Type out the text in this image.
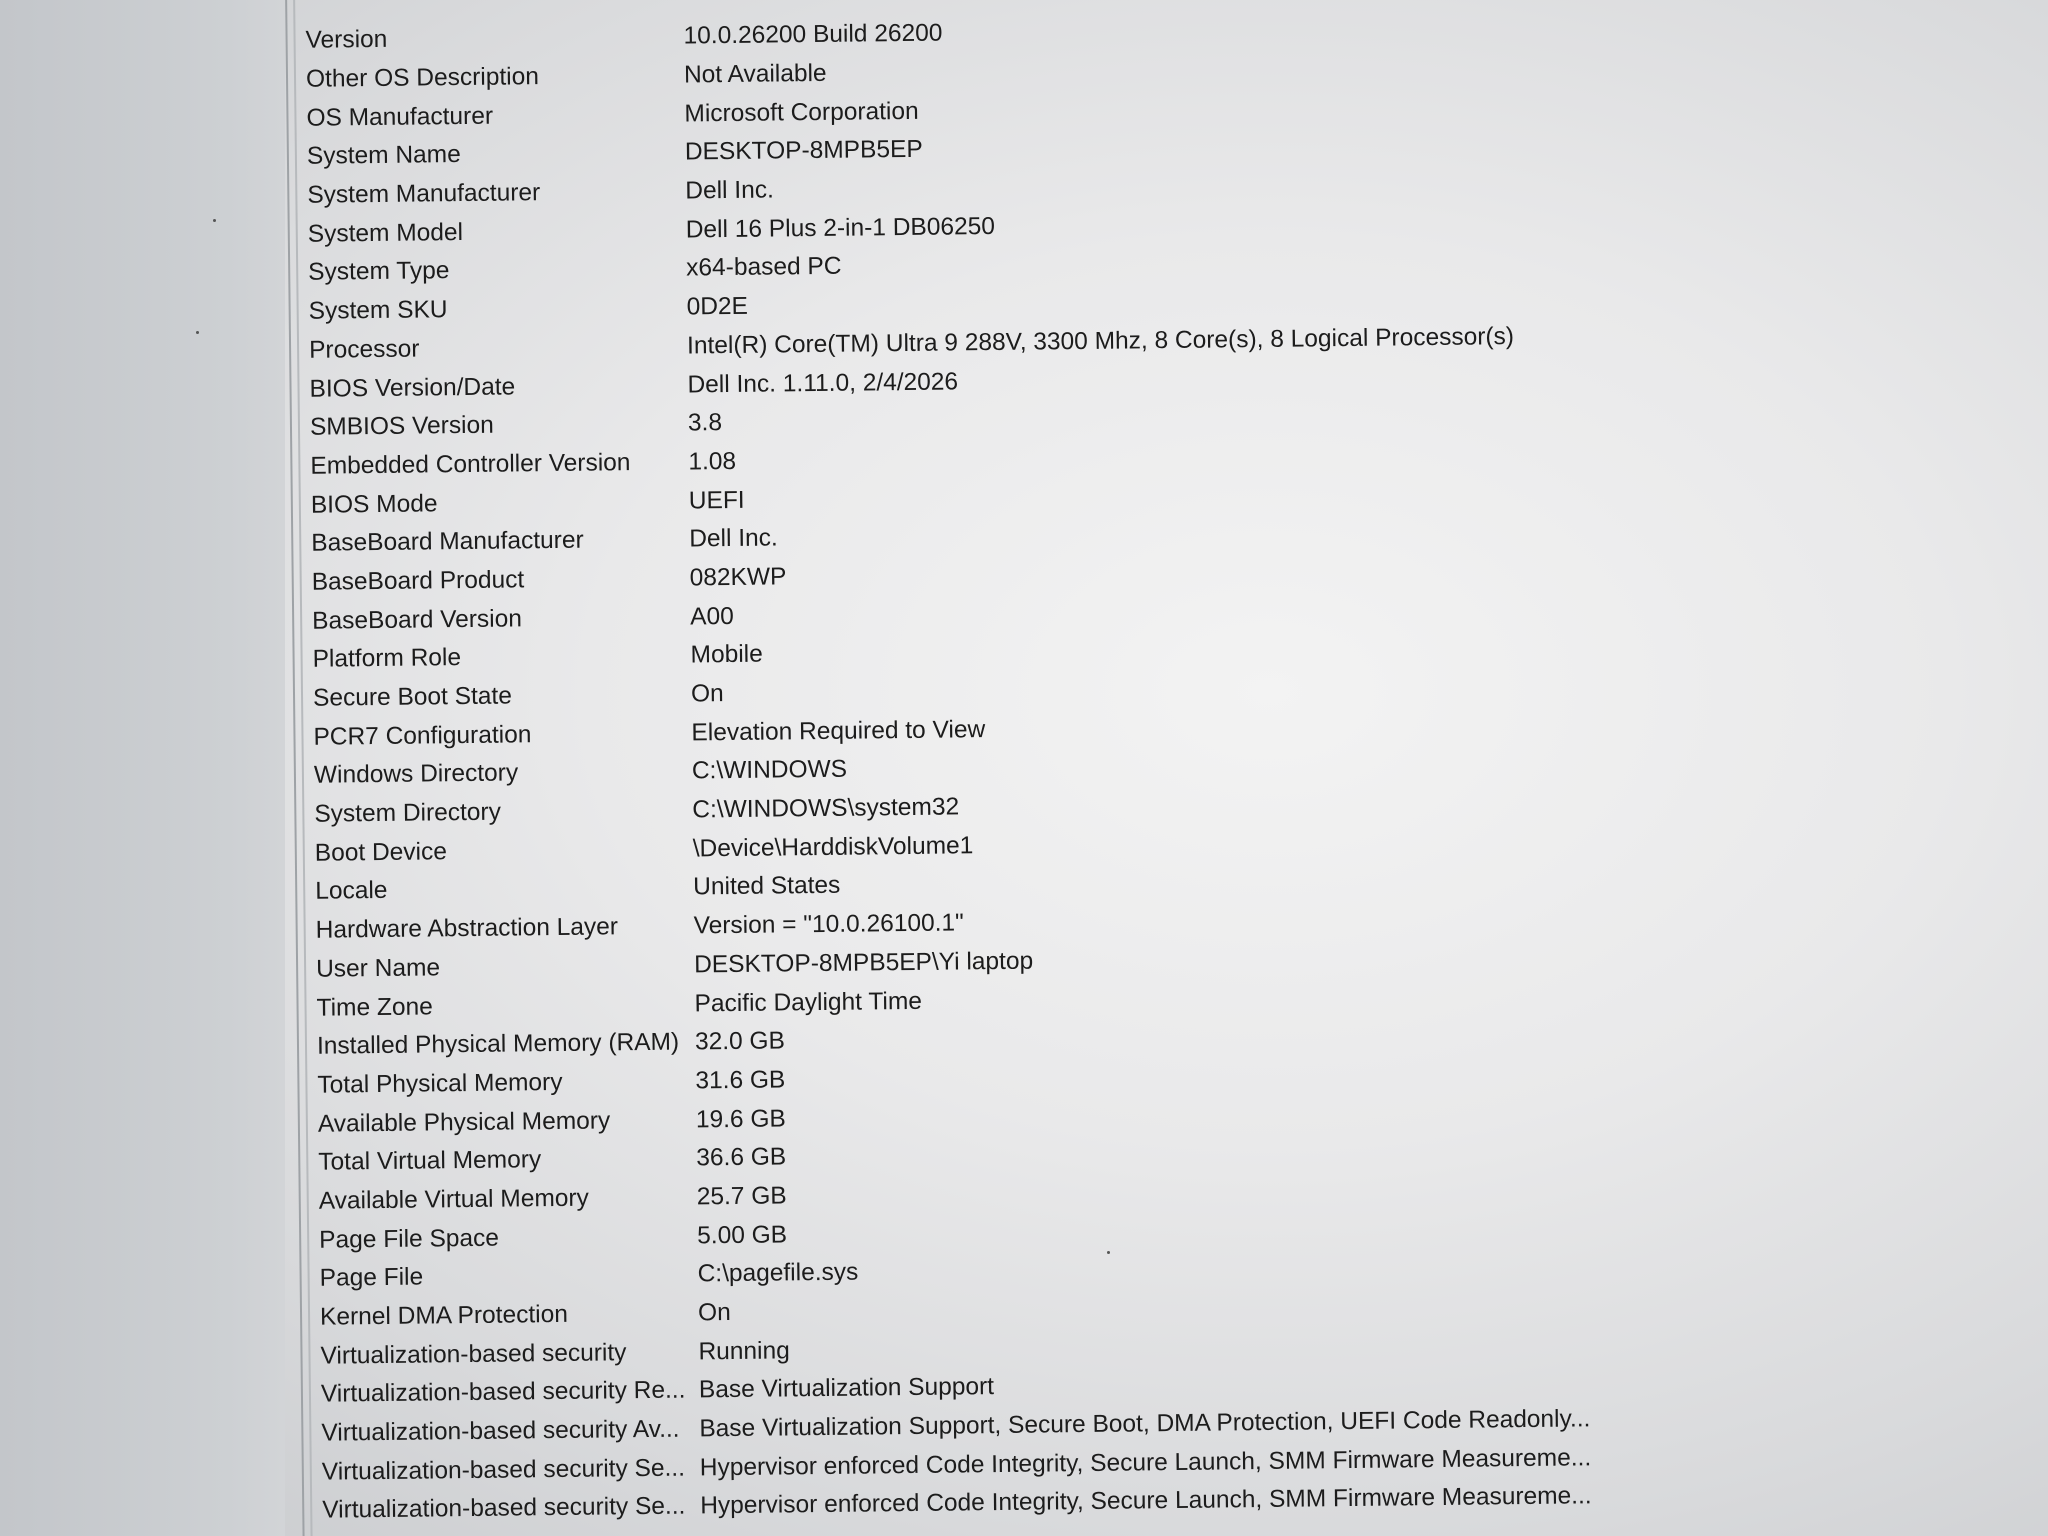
Version	10.0.26200 Build 26200
Other OS Description	Not Available
OS Manufacturer	Microsoft Corporation
System Name	DESKTOP-8MPB5EP
System Manufacturer	Dell Inc.
System Model	Dell 16 Plus 2-in-1 DB06250
System Type	x64-based PC
System SKU	0D2E
Processor	Intel(R) Core(TM) Ultra 9 288V, 3300 Mhz, 8 Core(s), 8 Logical Processor(s)
BIOS Version/Date	Dell Inc. 1.11.0, 2/4/2026
SMBIOS Version	3.8
Embedded Controller Version	1.08
BIOS Mode	UEFI
BaseBoard Manufacturer	Dell Inc.
BaseBoard Product	082KWP
BaseBoard Version	A00
Platform Role	Mobile
Secure Boot State	On
PCR7 Configuration	Elevation Required to View
Windows Directory	C:\WINDOWS
System Directory	C:\WINDOWS\system32
Boot Device	\Device\HarddiskVolume1
Locale	United States
Hardware Abstraction Layer	Version = "10.0.26100.1"
User Name	DESKTOP-8MPB5EP\Yi laptop
Time Zone	Pacific Daylight Time
Installed Physical Memory (RAM) 32.0 GB
Total Physical Memory	31.6 GB
Available Physical Memory	19.6 GB
Total Virtual Memory	36.6 GB
Available Virtual Memory	25.7 GB
Page File Space	5.00 GB
Page File	C:\pagefile.sys
Kernel DMA Protection	On
Virtualization-based security	Running
Virtualization-based security Re... Base Virtualization Support
Virtualization-based security Av... Base Virtualization Support, Secure Boot, DMA Protection, UEFI Code Readonly...
Virtualization-based security Se... Hypervisor enforced Code Integrity, Secure Launch, SMM Firmware Measureme...
Virtualization-based security Se... Hypervisor enforced Code Integrity, Secure Launch, SMM Firmware Measureme...
